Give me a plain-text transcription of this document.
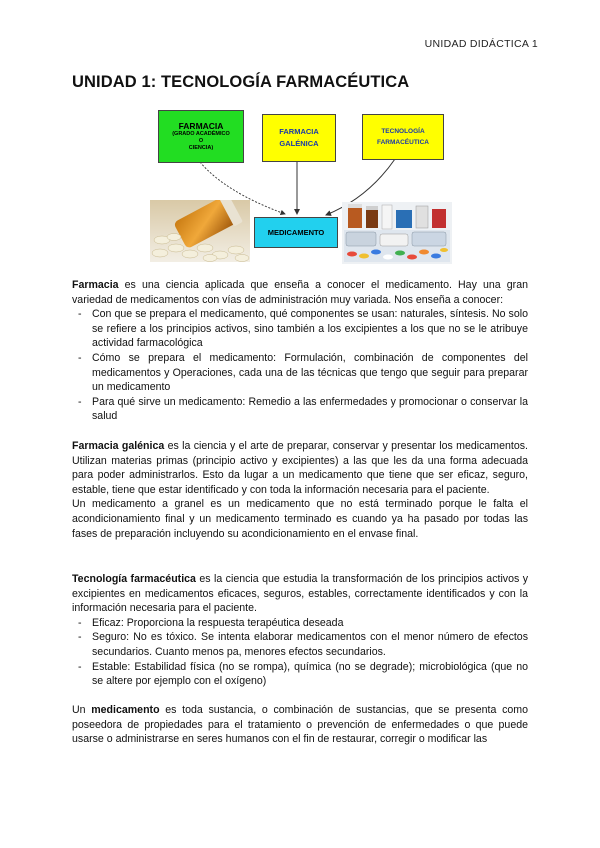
UNIDAD DIDÁCTICA 1
UNIDAD 1: TECNOLOGÍA FARMACÉUTICA
FARMACIA
(GRADO ACADÉMICO
O
CIENCIA)
FARMACIA
GALÉNICA
TECNOLOGÍA
FARMACÉUTICA
MEDICAMENTO

Farmacia es una ciencia aplicada que enseña a conocer el medicamento. Hay una gran variedad de medicamentos con vías de administración muy variada. Nos enseña a conocer:

- Con que se prepara el medicamento, qué componentes se usan: naturales, síntesis. No solo se refiere a los principios activos, sino también a los excipientes a los que no se le atribuye actividad farmacológica
- Cómo se prepara el medicamento: Formulación, combinación de componentes del medicamentos y Operaciones, cada una de las técnicas que tengo que seguir para preparar un medicamento
- Para qué sirve un medicamento: Remedio a las enfermedades y promocionar o conservar la salud

Farmacia galénica es la ciencia y el arte de preparar, conservar y presentar los medicamentos. Utilizan materias primas (principio activo y excipientes) a las que les da una forma adecuada para poder administrarlos. Esto da lugar a un medicamento que tiene que ser eficaz, seguro, estable, tiene que estar identificado y con toda la información necesaria para el paciente.

Un medicamento a granel es un medicamento que no está terminado porque le falta el acondicionamiento final y un medicamento terminado es cuando ya ha pasado por todas las fases de preparación incluyendo su acondicionamiento en el envase final.

Tecnología farmacéutica es la ciencia que estudia la transformación de los principios activos y excipientes en medicamentos eficaces, seguros, estables, correctamente identificados y con la información necesaria para el paciente.

- Eficaz: Proporciona la respuesta terapéutica deseada
- Seguro: No es tóxico. Se intenta elaborar medicamentos con el menor número de efectos secundarios. Cuanto menos pa, menores efectos secundarios.
- Estable: Estabilidad física (no se rompa), química (no se degrade); microbiológica (que no se altere por ejemplo con el oxígeno)

Un medicamento es toda sustancia, o combinación de sustancias, que se presenta como poseedora de propiedades para el tratamiento o prevención de enfermedades o que puede usarse o administrarse en seres humanos con el fin de restaurar, corregir o modificar las
